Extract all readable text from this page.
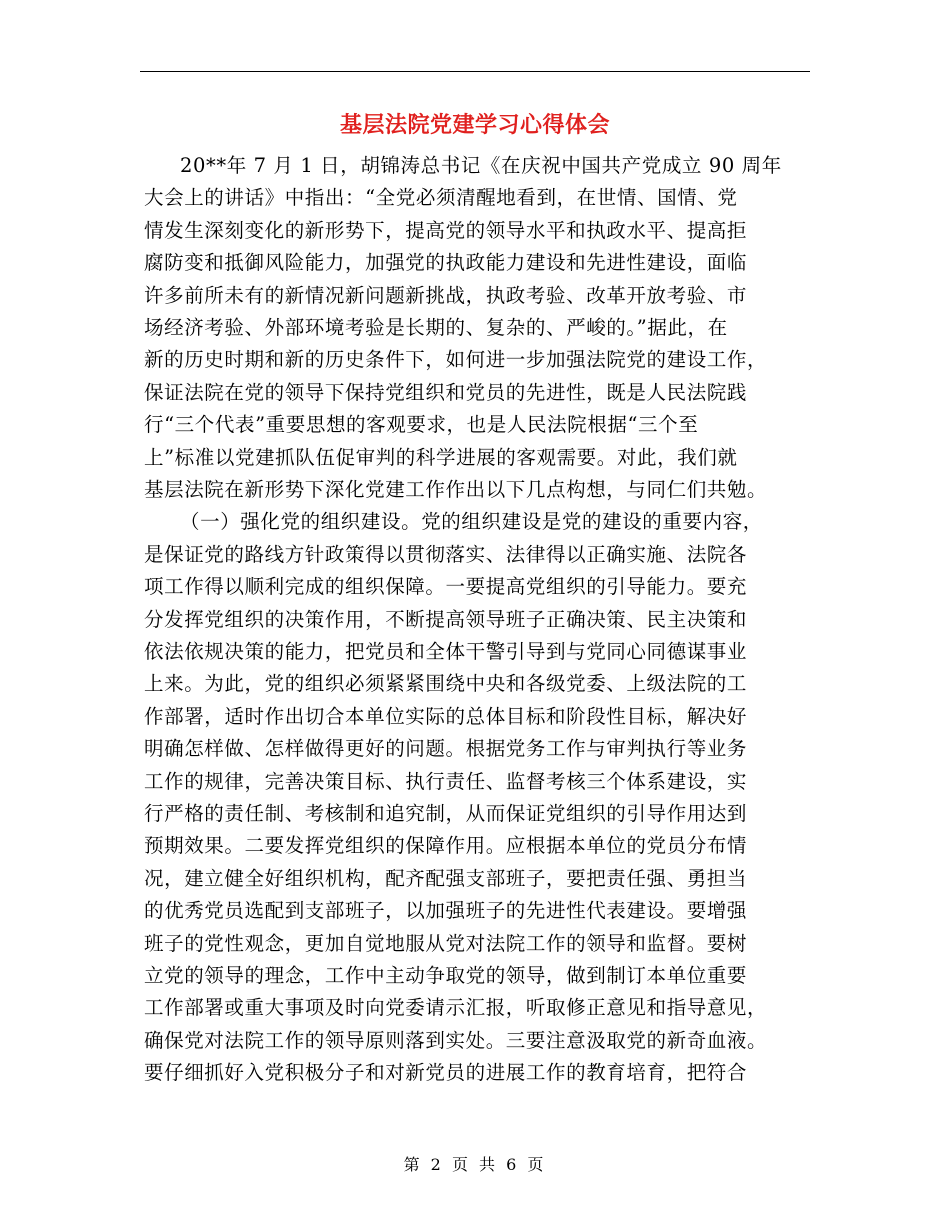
基层法院党建学习心得体会
20**年 7 月 1 日，胡锦涛总书记《在庆祝中国共产党成立 90 周年
大会上的讲话》中指出：“全党必须清醒地看到，在世情、国情、党
情发生深刻变化的新形势下，提高党的领导水平和执政水平、提高拒
腐防变和抵御风险能力，加强党的执政能力建设和先进性建设，面临
许多前所未有的新情况新问题新挑战，执政考验、改革开放考验、市
场经济考验、外部环境考验是长期的、复杂的、严峻的。”据此，在
新的历史时期和新的历史条件下，如何进一步加强法院党的建设工作，
保证法院在党的领导下保持党组织和党员的先进性，既是人民法院践
行“三个代表”重要思想的客观要求，也是人民法院根据“三个至
上”标准以党建抓队伍促审判的科学进展的客观需要。对此，我们就
基层法院在新形势下深化党建工作作出以下几点构想，与同仁们共勉。
（一）强化党的组织建设。党的组织建设是党的建设的重要内容，
是保证党的路线方针政策得以贯彻落实、法律得以正确实施、法院各
项工作得以顺利完成的组织保障。一要提高党组织的引导能力。要充
分发挥党组织的决策作用，不断提高领导班子正确决策、民主决策和
依法依规决策的能力，把党员和全体干警引导到与党同心同德谋事业
上来。为此，党的组织必须紧紧围绕中央和各级党委、上级法院的工
作部署，适时作出切合本单位实际的总体目标和阶段性目标，解决好
明确怎样做、怎样做得更好的问题。根据党务工作与审判执行等业务
工作的规律，完善决策目标、执行责任、监督考核三个体系建设，实
行严格的责任制、考核制和追究制，从而保证党组织的引导作用达到
预期效果。二要发挥党组织的保障作用。应根据本单位的党员分布情
况，建立健全好组织机构，配齐配强支部班子，要把责任强、勇担当
的优秀党员选配到支部班子，以加强班子的先进性代表建设。要增强
班子的党性观念，更加自觉地服从党对法院工作的领导和监督。要树
立党的领导的理念，工作中主动争取党的领导，做到制订本单位重要
工作部署或重大事项及时向党委请示汇报，听取修正意见和指导意见，
确保党对法院工作的领导原则落到实处。三要注意汲取党的新奇血液。
要仔细抓好入党积极分子和对新党员的进展工作的教育培育，把符合
第 2 页 共 6 页
